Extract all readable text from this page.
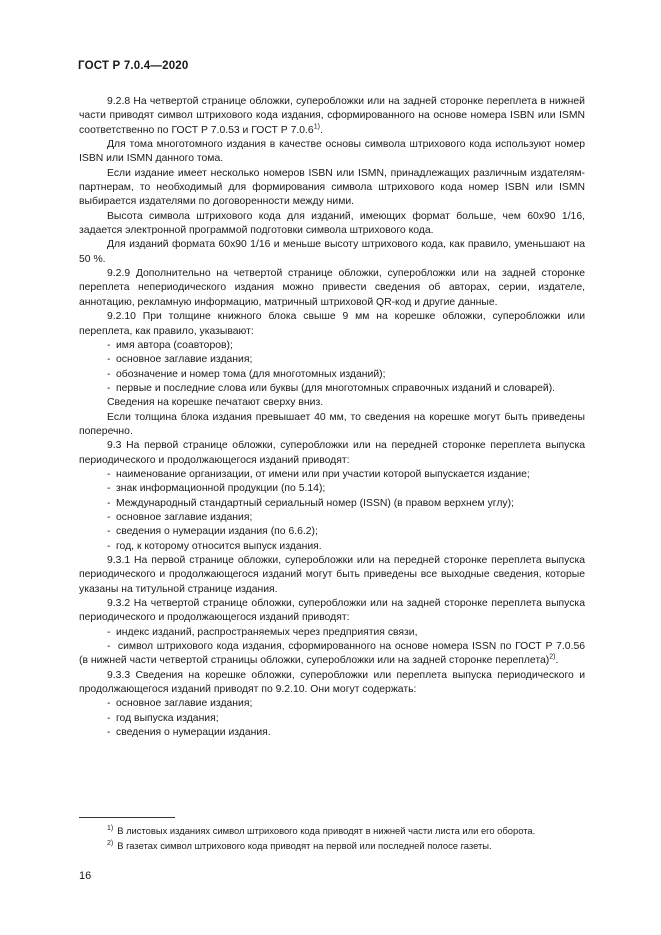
ГОСТ Р 7.0.4—2020

9.2.8 На четвертой странице обложки, суперобложки или на задней сторонке переплета в нижней части приводят символ штрихового кода издания, сформированного на основе номера ISBN или ISMN соответственно по ГОСТ Р 7.0.53 и ГОСТ Р 7.0.6$^{1)}$.

Для тома многотомного издания в качестве основы символа штрихового кода используют номер ISBN или ISMN данного тома.

Если издание имеет несколько номеров ISBN или ISMN, принадлежащих различным издателям-партнерам, то необходимый для формирования символа штрихового кода номер ISBN или ISMN выбирается издателями по договоренности между ними.

Высота символа штрихового кода для изданий, имеющих формат больше, чем 60х90 1/16, задается электронной программой подготовки символа штрихового кода.

Для изданий формата 60х90 1/16 и меньше высоту штрихового кода, как правило, уменьшают на 50 %.

9.2.9 Дополнительно на четвертой странице обложки, суперобложки или на задней сторонке переплета непериодического издания можно привести сведения об авторах, серии, издателе, аннотацию, рекламную информацию, матричный штриховой QR-код и другие данные.

9.2.10 При толщине книжного блока свыше 9 мм на корешке обложки, суперобложки или переплета, как правило, указывают:

- имя автора (соавторов);

- основное заглавие издания;

- обозначение и номер тома (для многотомных изданий);

- первые и последние слова или буквы (для многотомных справочных изданий и словарей).

Сведения на корешке печатают сверху вниз.

Если толщина блока издания превышает 40 мм, то сведения на корешке могут быть приведены поперечно.

9.3 На первой странице обложки, суперобложки или на передней сторонке переплета выпуска периодического и продолжающегося изданий приводят:

- наименование организации, от имени или при участии которой выпускается издание;

- знак информационной продукции (по 5.14);

- Международный стандартный сериальный номер (ISSN) (в правом верхнем углу);

- основное заглавие издания;

- сведения о нумерации издания (по 6.6.2);

- год, к которому относится выпуск издания.

9.3.1 На первой странице обложки, суперобложки или на передней сторонке переплета выпуска периодического и продолжающегося изданий могут быть приведены все выходные сведения, которые указаны на титульной странице издания.

9.3.2 На четвертой странице обложки, суперобложки или на задней сторонке переплета выпуска периодического и продолжающегося изданий приводят:

- индекс изданий, распространяемых через предприятия связи,

-  символ штрихового кода издания, сформированного на основе номера ISSN по ГОСТ Р 7.0.56 (в нижней части четвертой страницы обложки, суперобложки или на задней сторонке переплета)$^{2)}$.

9.3.3 Сведения на корешке обложки, суперобложки или переплета выпуска периодического и продолжающегося изданий приводят по 9.2.10. Они могут содержать:

- основное заглавие издания;

- год выпуска издания;

- сведения о нумерации издания.

$^{1)}$ В листовых изданиях символ штрихового кода приводят в нижней части листа или его оборота.

$^{2)}$ В газетах символ штрихового кода приводят на первой или последней полосе газеты.

16
